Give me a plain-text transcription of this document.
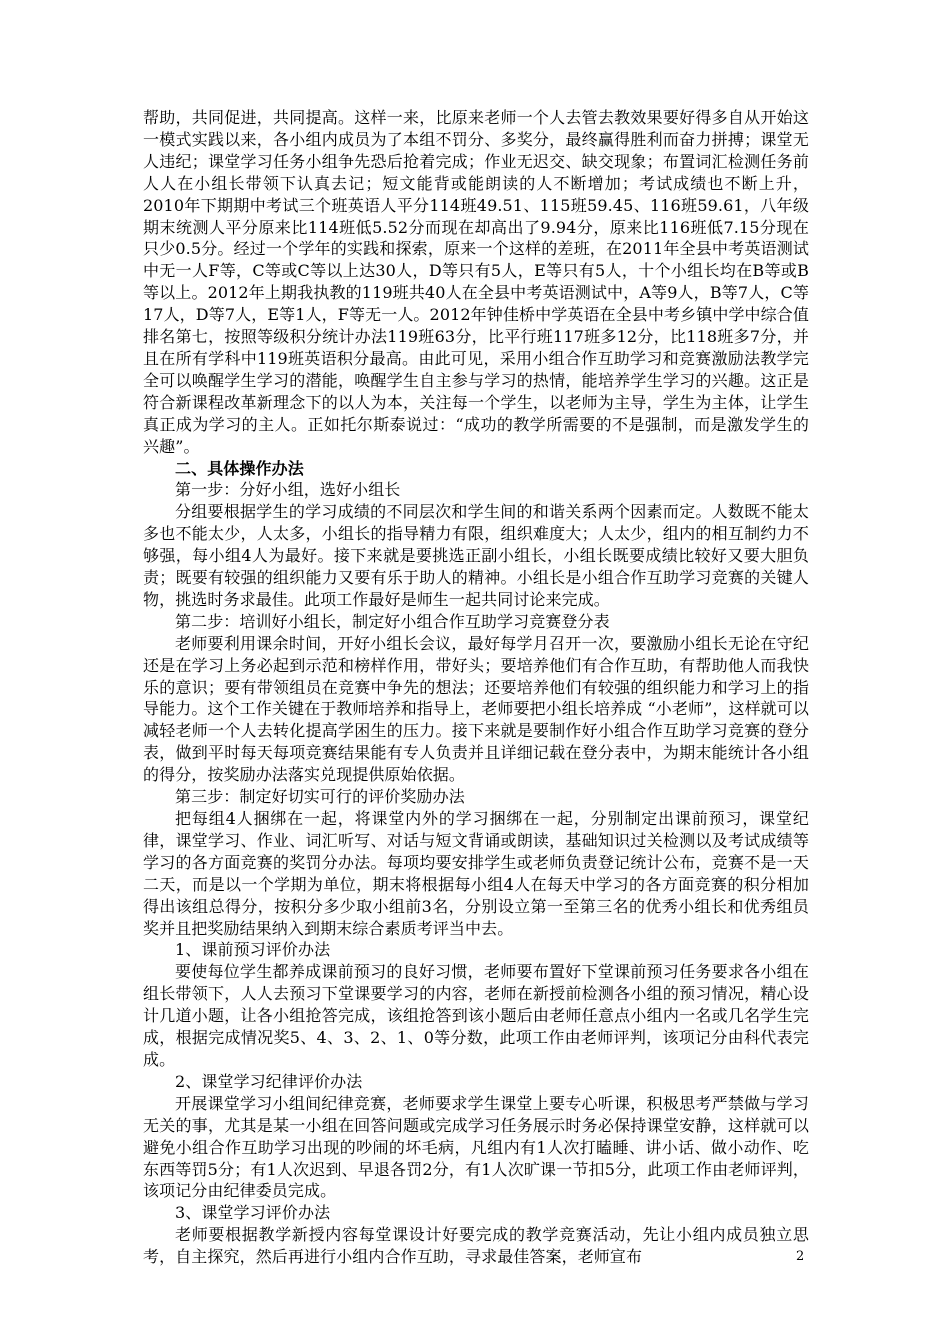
帮助，共同促进，共同提高。这样一来，比原来老师一个人去管去教效果要好得多自从开始这一模式实践以来，各小组内成员为了本组不罚分、多奖分，最终赢得胜利而奋力拼搏；课堂无人违纪；课堂学习任务小组争先恐后抢着完成；作业无迟交、缺交现象；布置词汇检测任务前人人在小组长带领下认真去记；短文能背或能朗读的人不断增加；考试成绩也不断上升，2010年下期期中考试三个班英语人平分114班49.51、115班59.45、116班59.61，八年级期末统测人平分原来比114班低5.52分而现在却高出了9.94分，原来比116班低7.15分现在只少0.5分。经过一个学年的实践和探索，原来一个这样的差班，在2011年全县中考英语测试中无一人F等，C等或C等以上达30人，D等只有5人，E等只有5人，十个小组长均在B等或B等以上。2012年上期我执教的119班共40人在全县中考英语测试中，A等9人，B等7人，C等17人，D等7人，E等1人，F等无一人。2012年钟佳桥中学英语在全县中考乡镇中学中综合值排名第七，按照等级积分统计办法119班63分，比平行班117班多12分，比118班多7分，并且在所有学科中119班英语积分最高。由此可见，采用小组合作互助学习和竞赛激励法教学完全可以唤醒学生学习的潜能，唤醒学生自主参与学习的热情，能培养学生学习的兴趣。这正是符合新课程改革新理念下的以人为本，关注每一个学生，以老师为主导，学生为主体，让学生真正成为学习的主人。正如托尔斯泰说过：“成功的教学所需要的不是强制，而是激发学生的兴趣”。

二、具体操作办法

第一步：分好小组，选好小组长

分组要根据学生的学习成绩的不同层次和学生间的和谐关系两个因素而定。人数既不能太多也不能太少，人太多，小组长的指导精力有限，组织难度大；人太少，组内的相互制约力不够强，每小组4人为最好。接下来就是要挑选正副小组长，小组长既要成绩比较好又要大胆负责；既要有较强的组织能力又要有乐于助人的精神。小组长是小组合作互助学习竞赛的关键人物，挑选时务求最佳。此项工作最好是师生一起共同讨论来完成。

第二步：培训好小组长，制定好小组合作互助学习竞赛登分表

老师要利用课余时间，开好小组长会议，最好每学月召开一次，要激励小组长无论在守纪还是在学习上务必起到示范和榜样作用，带好头；要培养他们有合作互助，有帮助他人而我快乐的意识；要有带领组员在竞赛中争先的想法；还要培养他们有较强的组织能力和学习上的指导能力。这个工作关键在于教师培养和指导上，老师要把小组长培养成 “小老师”，这样就可以减轻老师一个人去转化提高学困生的压力。接下来就是要制作好小组合作互助学习竞赛的登分表，做到平时每天每项竞赛结果能有专人负责并且详细记载在登分表中，为期末能统计各小组的得分，按奖励办法落实兑现提供原始依据。

第三步：制定好切实可行的评价奖励办法

把每组4人捆绑在一起，将课堂内外的学习捆绑在一起，分别制定出课前预习，课堂纪律，课堂学习、作业、词汇听写、对话与短文背诵或朗读，基础知识过关检测以及考试成绩等学习的各方面竞赛的奖罚分办法。每项均要安排学生或老师负责登记统计公布，竞赛不是一天二天，而是以一个学期为单位，期末将根据每小组4人在每天中学习的各方面竞赛的积分相加得出该组总得分，按积分多少取小组前3名，分别设立第一至第三名的优秀小组长和优秀组员奖并且把奖励结果纳入到期末综合素质考评当中去。

1、课前预习评价办法

要使每位学生都养成课前预习的良好习惯，老师要布置好下堂课前预习任务要求各小组在组长带领下，人人去预习下堂课要学习的内容，老师在新授前检测各小组的预习情况，精心设计几道小题，让各小组抢答完成，该组抢答到该小题后由老师任意点小组内一名或几名学生完成，根据完成情况奖5、4、3、2、1、0等分数，此项工作由老师评判，该项记分由科代表完成。

2、课堂学习纪律评价办法

开展课堂学习小组间纪律竞赛，老师要求学生课堂上要专心听课，积极思考严禁做与学习无关的事，尤其是某一小组在回答问题或完成学习任务展示时务必保持课堂安静，这样就可以避免小组合作互助学习出现的吵闹的坏毛病，凡组内有1人次打瞌睡、讲小话、做小动作、吃东西等罚5分；有1人次迟到、早退各罚2分，有1人次旷课一节扣5分，此项工作由老师评判，该项记分由纪律委员完成。

3、课堂学习评价办法

老师要根据教学新授内容每堂课设计好要完成的教学竞赛活动，先让小组内成员独立思考，自主探究，然后再进行小组内合作互助，寻求最佳答案，老师宣布	2
